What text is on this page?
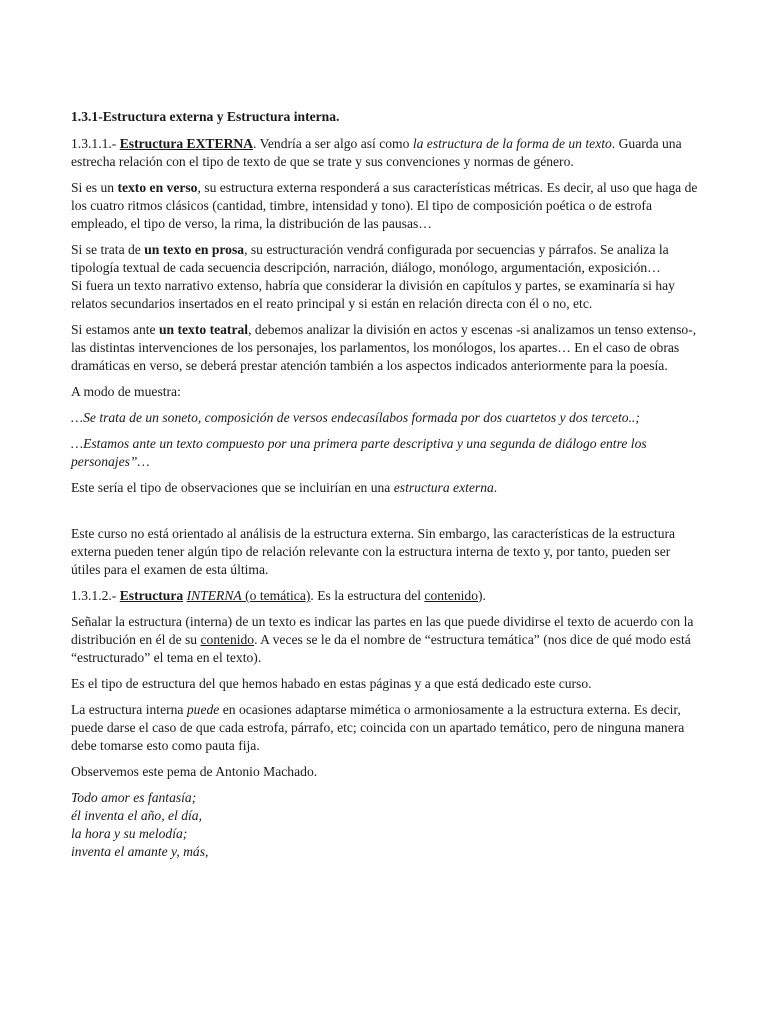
1.3.1-Estructura externa y Estructura interna.

1.3.1.1.- Estructura EXTERNA. Vendría a ser algo así como la estructura de la forma de un texto. Guarda una estrecha relación con el tipo de texto de que se trate y sus convenciones y normas de género.

Si es un texto en verso, su estructura externa responderá a sus características métricas. Es decir, al uso que haga de los cuatro ritmos clásicos (cantidad, timbre, intensidad y tono). El tipo de composición poética o de estrofa empleado, el tipo de verso, la rima, la distribución de las pausas…

Si se trata de un texto en prosa, su estructuración vendrá configurada por secuencias y párrafos. Se analiza la tipología textual de cada secuencia descripción, narración, diálogo, monólogo, argumentación, exposición…
Si fuera un texto narrativo extenso, habría que considerar la división en capítulos y partes, se examinaría si hay relatos secundarios insertados en el reato principal y si están en relación directa con él o no, etc.

Si estamos ante un texto teatral, debemos analizar la división en actos y escenas -si analizamos un tenso extenso-, las distintas intervenciones de los personajes, los parlamentos, los monólogos, los apartes… En el caso de obras dramáticas en verso, se deberá prestar atención también a los aspectos indicados anteriormente para la poesía.

A modo de muestra:

…Se trata de un soneto, composición de versos endecasílabos formada por dos cuartetos y dos terceto..;

…Estamos ante un texto compuesto por una primera parte descriptiva y una segunda de diálogo entre los personajes”…

Este sería el tipo de observaciones que se incluirían en una estructura externa.

Este curso no está orientado al análisis de la estructura externa. Sin embargo, las características de la estructura externa pueden tener algún tipo de relación relevante con la estructura interna de texto y, por tanto, pueden ser útiles para el examen de esta última.

1.3.1.2.- Estructura INTERNA (o temática). Es la estructura del contenido).

Señalar la estructura (interna) de un texto es indicar las partes en las que puede dividirse el texto de acuerdo con la distribución en él de su contenido. A veces se le da el nombre de “estructura temática” (nos dice de qué modo está “estructurado” el tema en el texto).

Es el tipo de estructura del que hemos habado en estas páginas y a que está dedicado este curso.

La estructura interna puede en ocasiones adaptarse mimética o armoniosamente a la estructura externa. Es decir, puede darse el caso de que cada estrofa, párrafo, etc; coincida con un apartado temático, pero de ninguna manera debe tomarse esto como pauta fija.

Observemos este pema de Antonio Machado.

Todo amor es fantasía;

él inventa el año, el día,

la hora y su melodía;

inventa el amante y, más,
